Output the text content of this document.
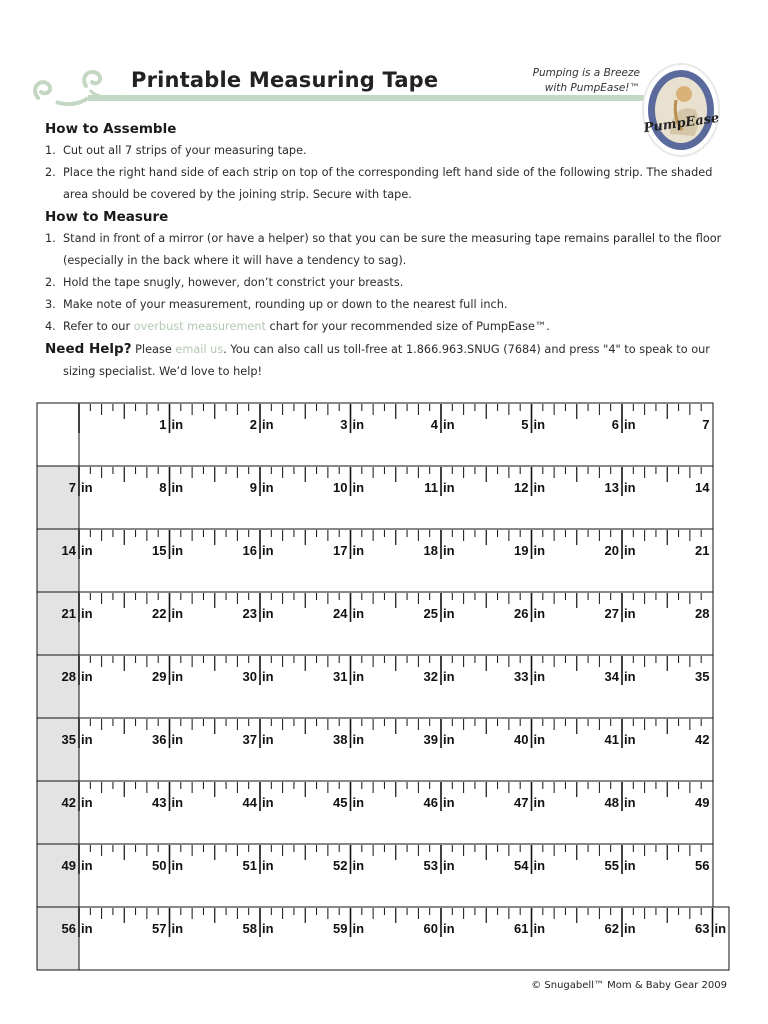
Printable Measuring Tape	Pumping is a Breeze
with PumpEase!™
PumpEase
How to Assemble
1. Cut out all 7 strips of your measuring tape.
2. Place the right hand side of each strip on top of the corresponding left hand side of the following strip. The shaded area should be covered by the joining strip. Secure with tape.
How to Measure
1. Stand in front of a mirror (or have a helper) so that you can be sure the measuring tape remains parallel to the floor (especially in the back where it will have a tendency to sag).
2. Hold the tape snugly, however, don’t constrict your breasts.
3. Make note of your measurement, rounding up or down to the nearest full inch.
4. Refer to our overbust measurement chart for your recommended size of PumpEase™.
Need Help? Please email us. You can also call us toll-free at 1.866.963.SNUG (7684) and press "4" to speak to our
sizing specialist. We’d love to help!
1 in	2 in	3 in	4 in	5 in	6 in	7
7 in	8 in	9 in	10 in	11 in	12 in	13 in	14
14 in	15 in	16 in	17 in	18 in	19 in	20 in	21
21 in	22 in	23 in	24 in	25 in	26 in	27 in	28
28 in	29 in	30 in	31 in	32 in	33 in	34 in	35
35 in	36 in	37 in	38 in	39 in	40 in	41 in	42
42 in	43 in	44 in	45 in	46 in	47 in	48 in	49
49 in	50 in	51 in	52 in	53 in	54 in	55 in	56
56 in	57 in	58 in	59 in	60 in	61 in	62 in	63 in
© Snugabell™ Mom & Baby Gear 2009
